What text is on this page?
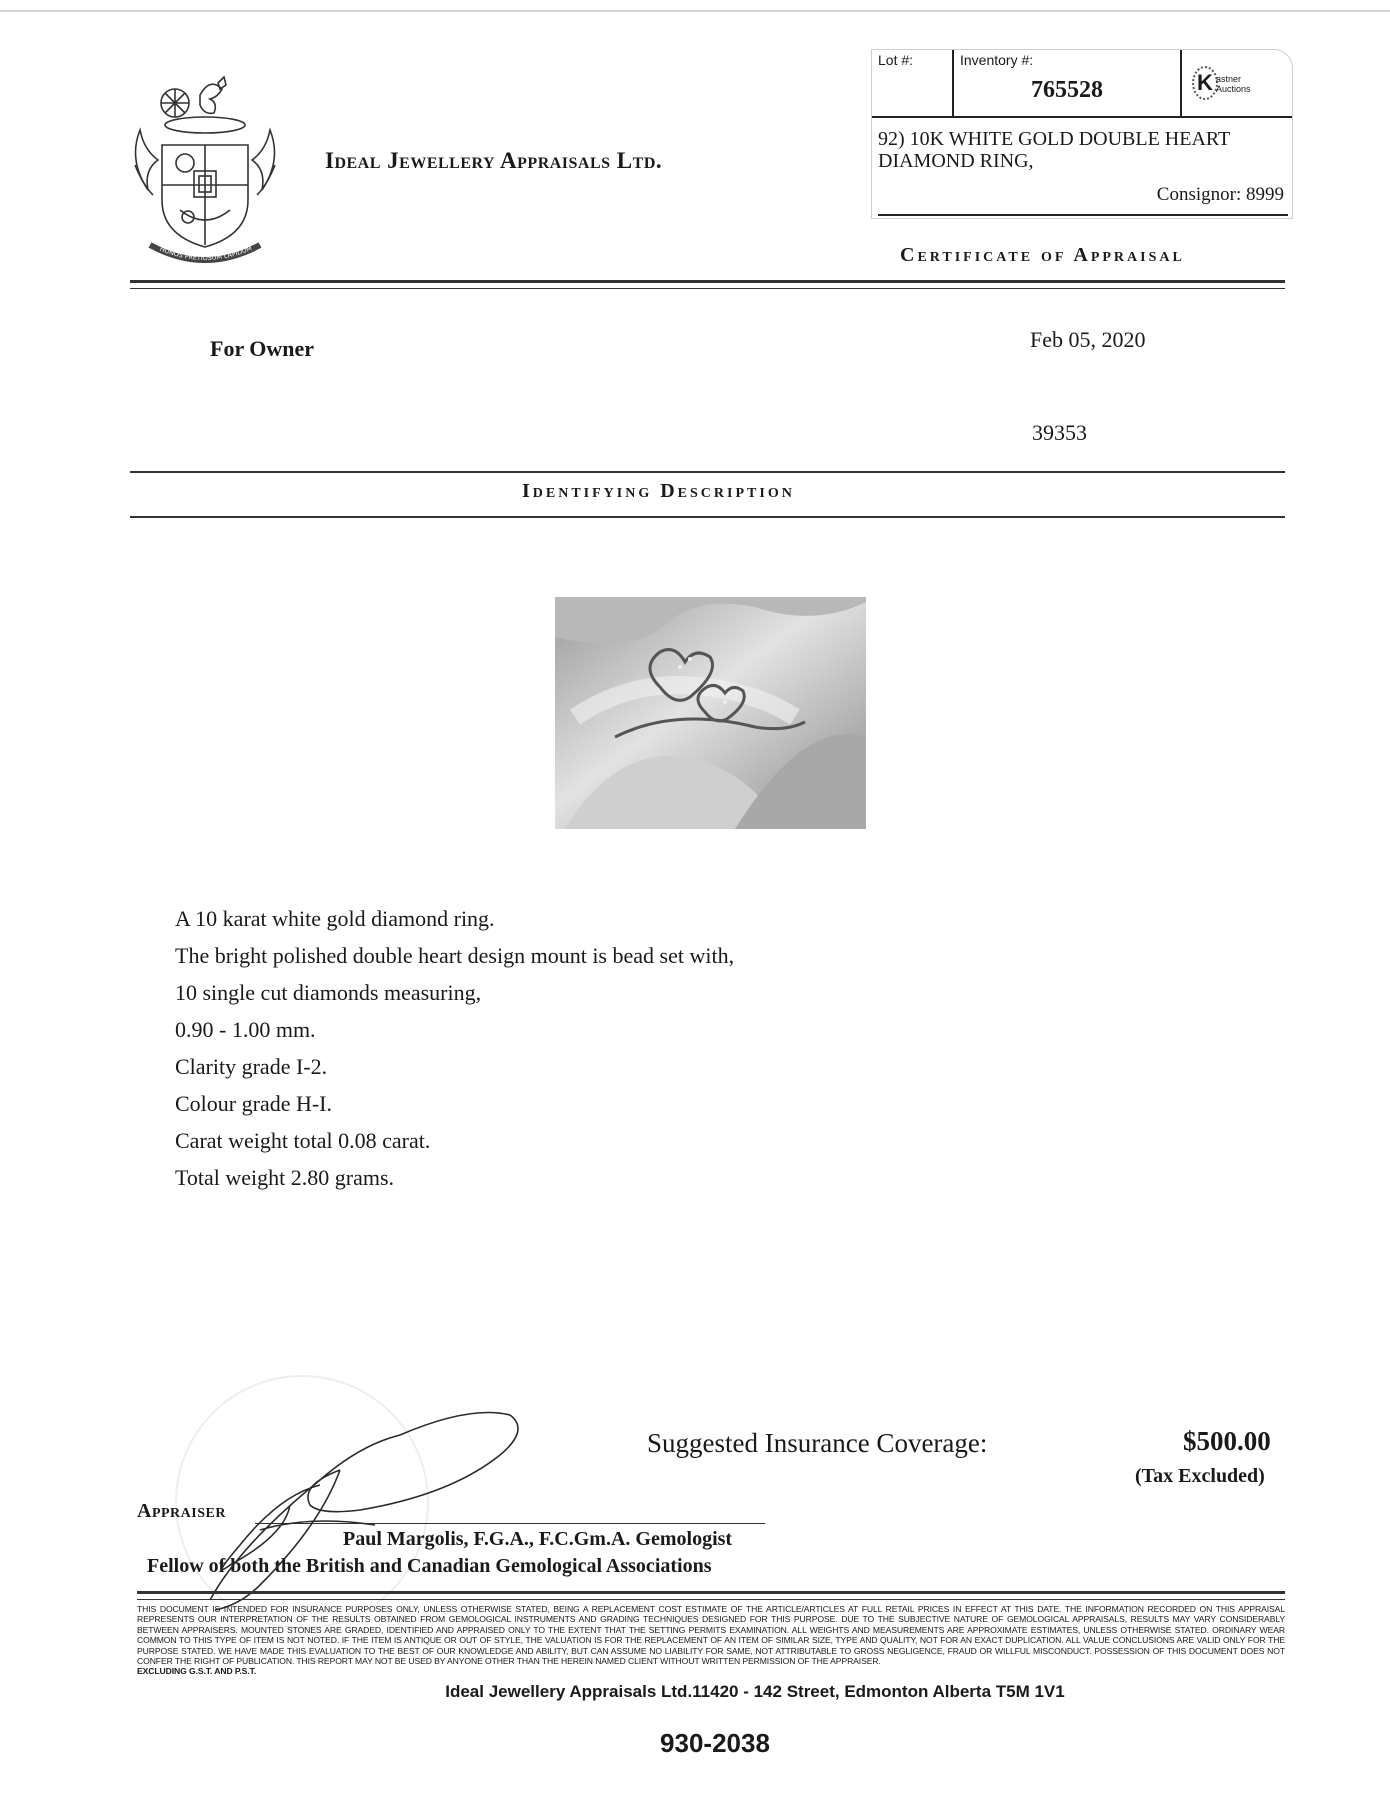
HONOS PRETIOSUM LAPIDUM
Ideal Jewellery Appraisals Ltd.
Lot #:	Inventory #:
765528	K astner
Auctions
92) 10K WHITE GOLD DOUBLE HEART
DIAMOND RING,
Consignor: 8999
Certificate of Appraisal
For Owner	Feb 05, 2020
39353
Identifying Description
A 10 karat white gold diamond ring.
The bright polished double heart design mount is bead set with,
10 single cut diamonds measuring,
0.90 - 1.00 mm.
Clarity grade I-2.
Colour grade H-I.
Carat weight total 0.08 carat.
Total weight 2.80 grams.
Suggested Insurance Coverage:	$500.00
(Tax Excluded)
Appraiser
Paul Margolis, F.G.A., F.C.Gm.A. Gemologist
Fellow of both the British and Canadian Gemological Associations
THIS DOCUMENT IS INTENDED FOR INSURANCE PURPOSES ONLY, UNLESS OTHERWISE STATED, BEING A REPLACEMENT COST ESTIMATE OF THE ARTICLE/ARTICLES AT FULL RETAIL PRICES IN EFFECT AT THIS DATE. THE INFORMATION RECORDED ON THIS APPRAISAL REPRESENTS OUR INTERPRETATION OF THE RESULTS OBTAINED FROM GEMOLOGICAL INSTRUMENTS AND GRADING TECHNIQUES DESIGNED FOR THIS PURPOSE. DUE TO THE SUBJECTIVE NATURE OF GEMOLOGICAL APPRAISALS, RESULTS MAY VARY CONSIDERABLY BETWEEN APPRAISERS. MOUNTED STONES ARE GRADED, IDENTIFIED AND APPRAISED ONLY TO THE EXTENT THAT THE SETTING PERMITS EXAMINATION. ALL WEIGHTS AND MEASUREMENTS ARE APPROXIMATE ESTIMATES, UNLESS OTHERWISE STATED. ORDINARY WEAR COMMON TO THIS TYPE OF ITEM IS NOT NOTED. IF THE ITEM IS ANTIQUE OR OUT OF STYLE, THE VALUATION IS FOR THE REPLACEMENT OF AN ITEM OF SIMILAR SIZE, TYPE AND QUALITY, NOT FOR AN EXACT DUPLICATION. ALL VALUE CONCLUSIONS ARE VALID ONLY FOR THE PURPOSE STATED. WE HAVE MADE THIS EVALUATION TO THE BEST OF OUR KNOWLEDGE AND ABILITY, BUT CAN ASSUME NO LIABILITY FOR SAME, NOT ATTRIBUTABLE TO GROSS NEGLIGENCE, FRAUD OR WILLFUL MISCONDUCT. POSSESSION OF THIS DOCUMENT DOES NOT CONFER THE RIGHT OF PUBLICATION. THIS REPORT MAY NOT BE USED BY ANYONE OTHER THAN THE HEREIN NAMED CLIENT WITHOUT WRITTEN PERMISSION OF THE APPRAISER.
EXCLUDING G.S.T. AND P.S.T.
Ideal Jewellery Appraisals Ltd.11420 - 142 Street, Edmonton Alberta T5M 1V1
930-2038
